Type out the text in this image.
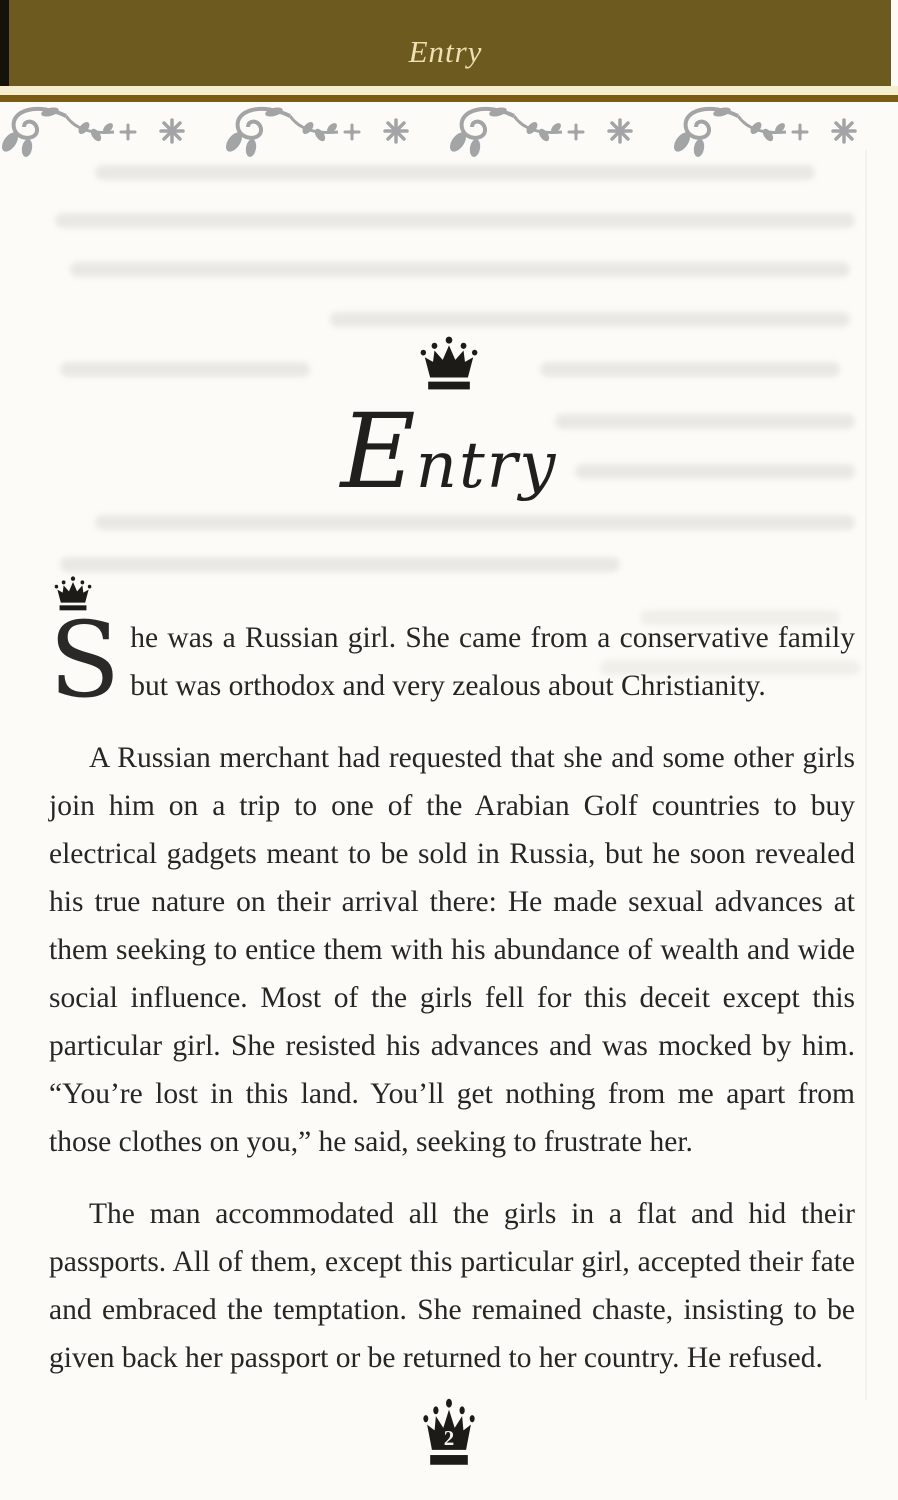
Entry
Entry

She was a Russian girl. She came from a conservative family but was orthodox and very zealous about Christianity.

A Russian merchant had requested that she and some other girls join him on a trip to one of the Arabian Golf countries to buy electrical gadgets meant to be sold in Russia, but he soon revealed his true nature on their arrival there: He made sexual advances at them seeking to entice them with his abundance of wealth and wide social influence. Most of the girls fell for this deceit except this particular girl. She resisted his advances and was mocked by him. “You’re lost in this land. You’ll get nothing from me apart from those clothes on you,” he said, seeking to frustrate her.

The man accommodated all the girls in a flat and hid their passports. All of them, except this particular girl, accepted their fate and embraced the temptation. She remained chaste, insisting to be given back her passport or be returned to her country. He refused.

2
